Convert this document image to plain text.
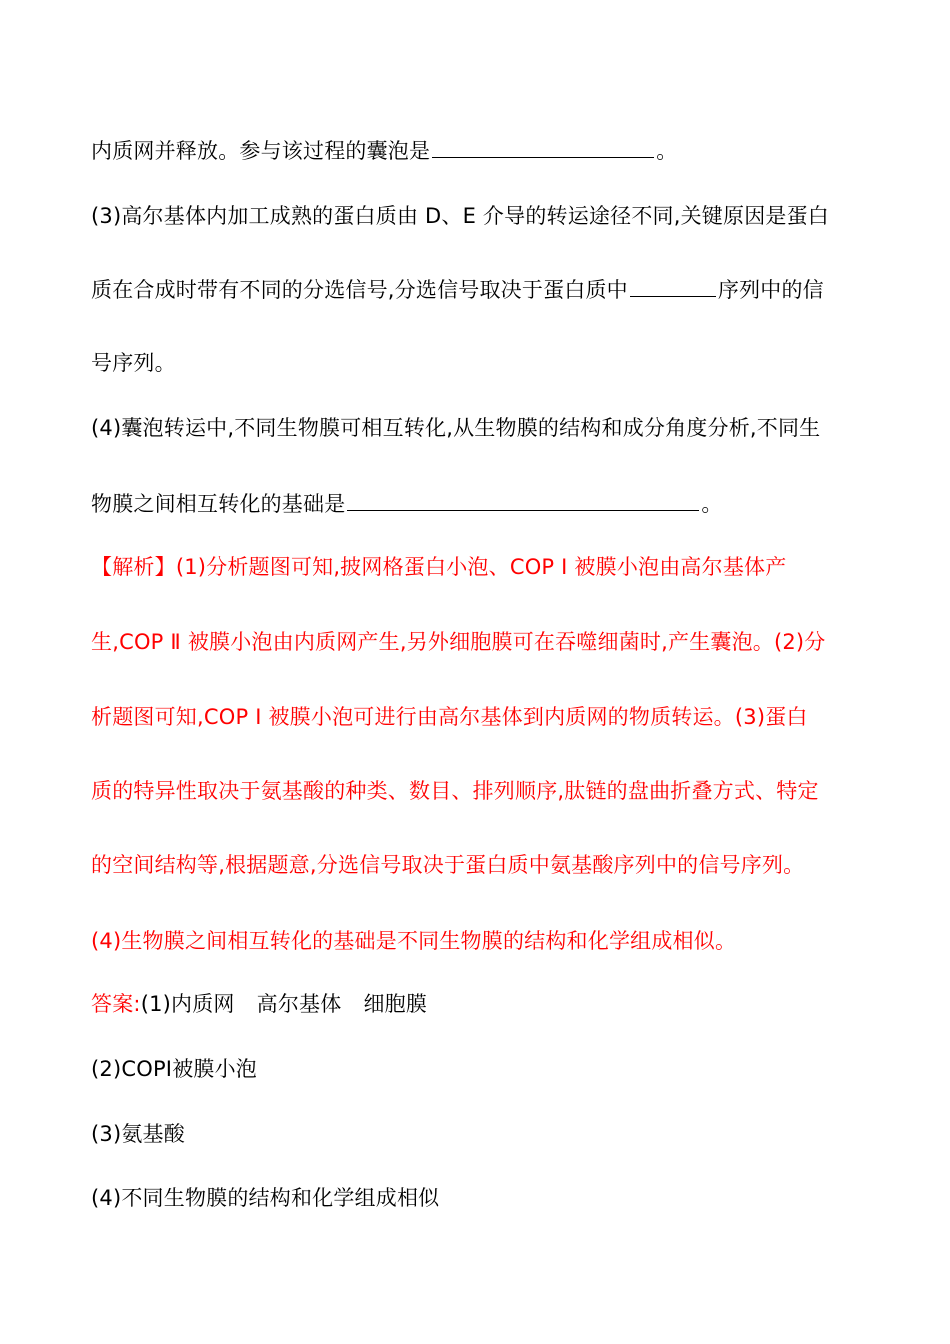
内质网并释放。参与该过程的囊泡是	。
(3)高尔基体内加工成熟的蛋白质由 D、E 介导的转运途径不同,关键原因是蛋白
质在合成时带有不同的分选信号,分选信号取决于蛋白质中	序列中的信
号序列。
(4)囊泡转运中,不同生物膜可相互转化,从生物膜的结构和成分角度分析,不同生
物膜之间相互转化的基础是	。
【解析】(1)分析题图可知,披网格蛋白小泡、COP Ⅰ 被膜小泡由高尔基体产
生,COP Ⅱ 被膜小泡由内质网产生,另外细胞膜可在吞噬细菌时,产生囊泡。(2)分
析题图可知,COP Ⅰ 被膜小泡可进行由高尔基体到内质网的物质转运。(3)蛋白
质的特异性取决于氨基酸的种类、数目、排列顺序,肽链的盘曲折叠方式、特定
的空间结构等,根据题意,分选信号取决于蛋白质中氨基酸序列中的信号序列。
(4)生物膜之间相互转化的基础是不同生物膜的结构和化学组成相似。
答案:(1)内质网 高尔基体 细胞膜
(2)COPⅠ被膜小泡
(3)氨基酸
(4)不同生物膜的结构和化学组成相似
